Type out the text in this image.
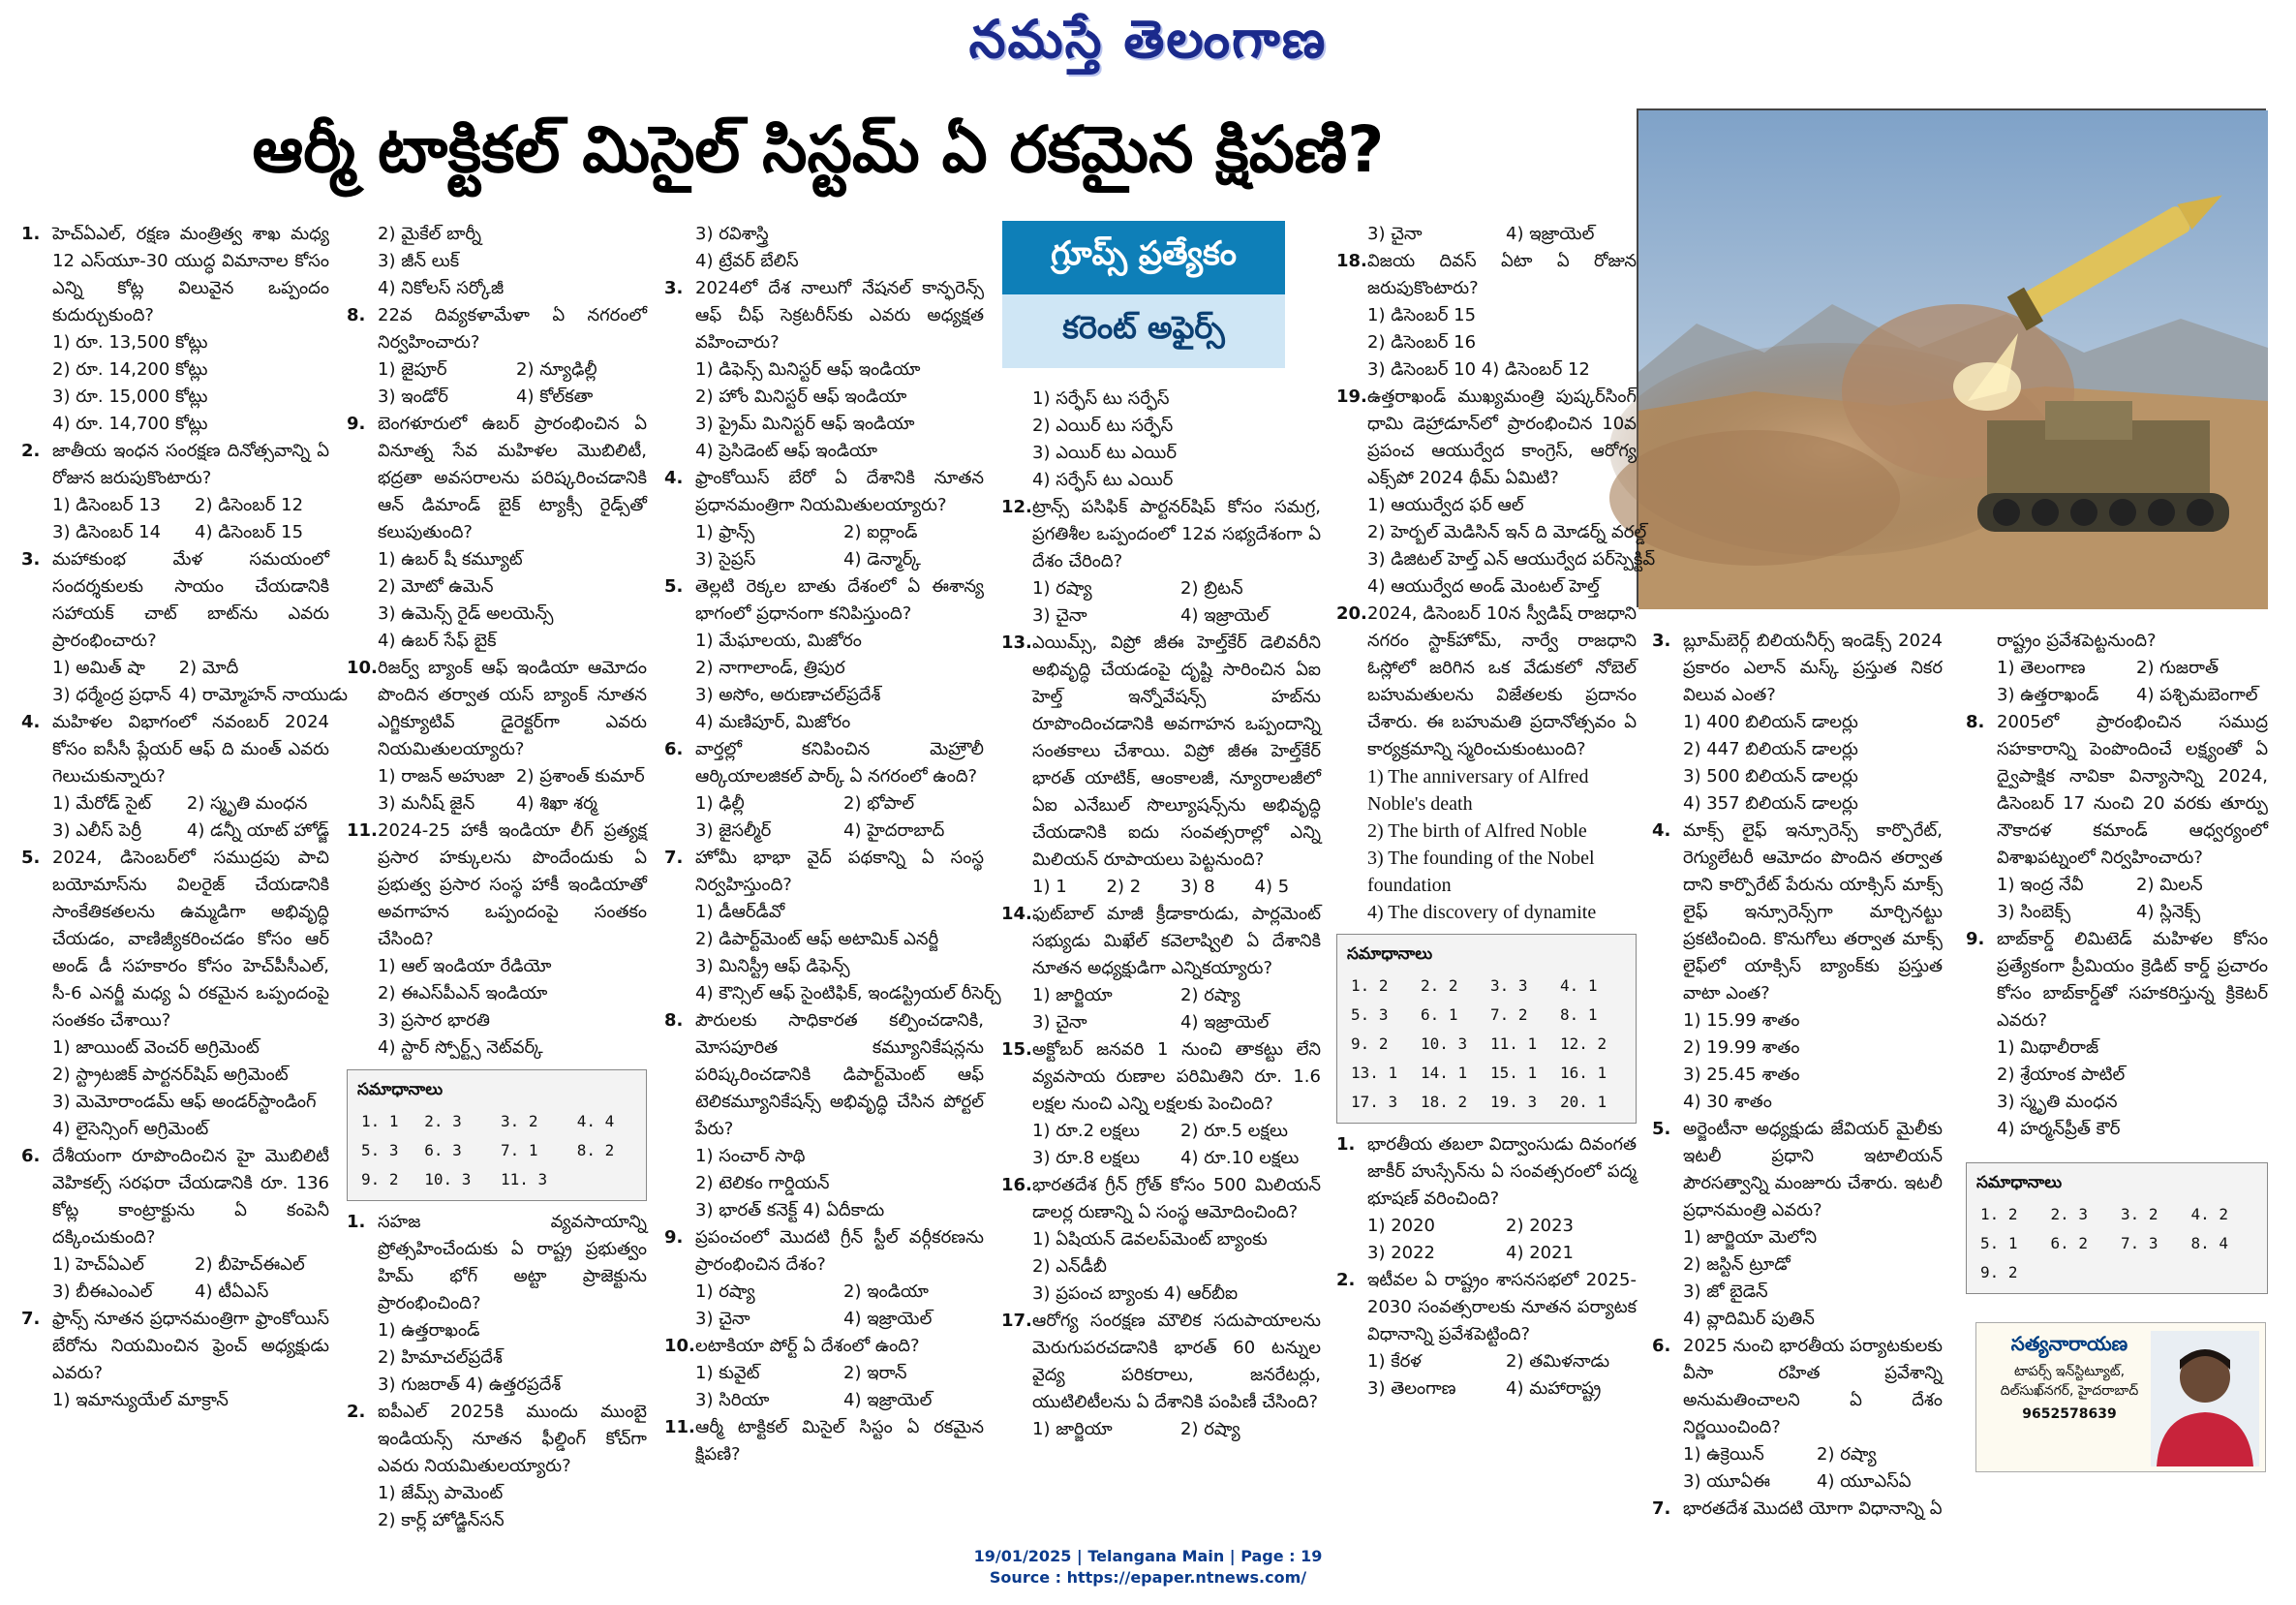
నమస్తే తెలంగాణ
ఆర్మీ టాక్టికల్ మిసైల్ సిస్టమ్ ఏ రకమైన క్షిపణి?
1. హెచ్‌ఏఎల్, రక్షణ మంత్రిత్వ శాఖ మధ్య 12 ఎస్‌యూ-30 యుద్ధ విమానాల కోసం ఎన్ని కోట్ల విలువైన ఒప్పందం కుదుర్చుకుంది?
1) రూ. 13,500 కోట్లు
2) రూ. 14,200 కోట్లు
3) రూ. 15,000 కోట్లు
4) రూ. 14,700 కోట్లు
2. జాతీయ ఇంధన సంరక్షణ దినోత్సవాన్ని ఏ రోజున జరుపుకొంటారు?
1) డిసెంబర్ 13	2) డిసెంబర్ 12
3) డిసెంబర్ 14	4) డిసెంబర్ 15
3. మహాకుంభ మేళ సమయంలో సందర్శకులకు సాయం చేయడానికి సహాయక్ చాట్ బాట్‌ను ఎవరు ప్రారంభించారు?
1) అమిత్ షా	2) మోదీ
3) ధర్మేంద్ర ప్రధాన్ 4) రామ్మోహన్ నాయుడు
4. మహిళల విభాగంలో నవంబర్ 2024 కోసం ఐసీసీ ప్లేయర్ ఆఫ్ ది మంత్ ఎవరు గెలుచుకున్నారు?
1) మేరోడ్ సైట్	2) స్మృతి మంధన
3) ఎలీస్ పెర్రీ	4) డన్నీ యాట్ హోడ్జ్
5. 2024, డిసెంబర్‌లో సముద్రపు పాచి బయోమాస్‌ను విలరైజ్ చేయడానికి సాంకేతికతలను ఉమ్మడిగా అభివృద్ధి చేయడం, వాణిజ్యీకరించడం కోసం ఆర్ అండ్ డీ సహకారం కోసం హెచ్‌పీసీఎల్, సీ-6 ఎనర్జీ మధ్య ఏ రకమైన ఒప్పందంపై సంతకం చేశాయి?
1) జాయింట్ వెంచర్ అగ్రిమెంట్
2) స్ట్రాటజిక్ పార్టనర్‌షిప్ అగ్రిమెంట్
3) మెమోరాండమ్ ఆఫ్ అండర్‌స్టాండింగ్
4) లైసెన్సింగ్ అగ్రిమెంట్
6. దేశీయంగా రూపొందించిన హై మొబిలిటీ వెహికల్స్ సరఫరా చేయడానికి రూ. 136 కోట్ల కాంట్రాక్టును ఏ కంపెనీ దక్కించుకుంది?
1) హెచ్‌ఏఎల్	2) బీహెచ్‌ఈఎల్
3) బీఈఎంఎల్	4) టీఏఎస్
7. ఫ్రాన్స్ నూతన ప్రధానమంత్రిగా ఫ్రాంకోయిస్ బేరోను నియమించిన ఫ్రెంచ్ అధ్యక్షుడు ఎవరు?
1) ఇమాన్యుయేల్ మాక్రాన్
2) మైకేల్ బార్నీ
3) జీన్ లుక్
4) నికోలస్ సర్కోజీ
8. 22వ దివ్యకళామేళా ఏ నగరంలో నిర్వహించారు?
1) జైపూర్	2) న్యూఢిల్లీ
3) ఇండోర్	4) కోల్‌కతా
9. బెంగళూరులో ఉబర్ ప్రారంభించిన ఏ వినూత్న సేవ మహిళల మొబిలిటీ, భద్రతా అవసరాలను పరిష్కరించడానికి ఆన్ డిమాండ్ బైక్ ట్యాక్సీ రైడ్స్‌తో కలుపుతుంది?
1) ఉబర్ షీ కమ్యూట్
2) మోటో ఉమెన్
3) ఉమెన్స్ రైడ్ అలయెన్స్
4) ఉబర్ సేఫ్ బైక్
10. రిజర్వ్ బ్యాంక్ ఆఫ్ ఇండియా ఆమోదం పొందిన తర్వాత యస్ బ్యాంక్ నూతన ఎగ్జిక్యూటివ్ డైరెక్టర్‌గా ఎవరు నియమితులయ్యారు?
1) రాజన్ అహుజా 2) ప్రశాంత్ కుమార్
3) మనీష్ జైన్	4) శిఖా శర్మ
11. 2024-25 హాకీ ఇండియా లీగ్ ప్రత్యక్ష ప్రసార హక్కులను పొందేందుకు ఏ ప్రభుత్వ ప్రసార సంస్థ హాకీ ఇండియాతో అవగాహన ఒప్పందంపై సంతకం చేసింది?
1) ఆల్ ఇండియా రేడియో
2) ఈఎస్‌పీఎన్ ఇండియా
3) ప్రసార భారతి
4) స్టార్ స్పోర్ట్స్ నెట్‌వర్క్
సమాధానాలు
1. 1	2. 3	3. 2	4. 4
5. 3	6. 3	7. 1	8. 2
9. 2	10. 3	11. 3	
1. సహజ వ్యవసాయాన్ని ప్రోత్సహించేందుకు ఏ రాష్ట్ర ప్రభుత్వం హిమ్ భోగ్ అట్టా ప్రాజెక్టును ప్రారంభించింది?
1) ఉత్తరాఖండ్
2) హిమాచల్‌ప్రదేశ్
3) గుజరాత్ 4) ఉత్తరప్రదేశ్
2. ఐపీఎల్ 2025కి ముందు ముంబై ఇండియన్స్ నూతన ఫీల్డింగ్ కోచ్‌గా ఎవరు నియమితులయ్యారు?
1) జేమ్స్ పామెంట్
2) కార్ల్ హోడ్జిన్‌సన్
3) రవిశాస్త్రి
4) ట్రేవర్ బేలిస్
3. 2024లో దేశ నాలుగో నేషనల్ కాన్ఫరెన్స్ ఆఫ్ చీఫ్ సెక్రటరీస్‌కు ఎవరు అధ్యక్షత వహించారు?
1) డిఫెన్స్ మినిస్టర్ ఆఫ్ ఇండియా
2) హోం మినిస్టర్ ఆఫ్ ఇండియా
3) ప్రైమ్ మినిస్టర్ ఆఫ్ ఇండియా
4) ప్రెసిడెంట్ ఆఫ్ ఇండియా
4. ఫ్రాంకోయిస్ బేరో ఏ దేశానికి నూతన ప్రధానమంత్రిగా నియమితులయ్యారు?
1) ఫ్రాన్స్	2) ఐర్లాండ్
3) సైప్రస్	4) డెన్మార్క్
5. తెల్లటి రెక్కల బాతు దేశంలో ఏ ఈశాన్య భాగంలో ప్రధానంగా కనిపిస్తుంది?
1) మేఘాలయ, మిజోరం
2) నాగాలాండ్, త్రిపుర
3) అసోం, అరుణాచల్‌ప్రదేశ్
4) మణిపూర్, మిజోరం
6. వార్తల్లో కనిపించిన మెహ్రౌలీ ఆర్కియాలజికల్ పార్క్ ఏ నగరంలో ఉంది?
1) ఢిల్లీ	2) భోపాల్
3) జైసల్మీర్	4) హైదరాబాద్
7. హోమీ భాభా వైద్ పథకాన్ని ఏ సంస్థ నిర్వహిస్తుంది?
1) డీఆర్‌డీవో
2) డిపార్ట్‌మెంట్ ఆఫ్ అటామిక్ ఎనర్జీ
3) మినిస్ట్రీ ఆఫ్ డిఫెన్స్
4) కౌన్సిల్ ఆఫ్ సైంటిఫిక్, ఇండస్ట్రియల్ రీసెర్చ్
8. పౌరులకు సాధికారత కల్పించడానికి, మోసపూరిత కమ్యూనికేషన్లను పరిష్కరించడానికి డిపార్ట్‌మెంట్ ఆఫ్ టెలికమ్యూనికేషన్స్ అభివృద్ధి చేసిన పోర్టల్ పేరు?
1) సంచార్ సాథి
2) టెలికం గార్డియన్
3) భారత్ కనెక్ట్ 4) ఏదీకాదు
9. ప్రపంచంలో మొదటి గ్రీన్ స్టీల్ వర్గీకరణను ప్రారంభించిన దేశం?
1) రష్యా	2) ఇండియా
3) చైనా	4) ఇజ్రాయెల్
10. లటాకియా పోర్ట్ ఏ దేశంలో ఉంది?
1) కువైట్	2) ఇరాన్
3) సిరియా	4) ఇజ్రాయెల్
11. ఆర్మీ టాక్టికల్ మిసైల్ సిస్టం ఏ రకమైన క్షిపణి?
గ్రూప్స్ ప్రత్యేకం
కరెంట్ అఫైర్స్
1) సర్ఫేస్ టు సర్ఫేస్
2) ఎయిర్ టు సర్ఫేస్
3) ఎయిర్ టు ఎయిర్
4) సర్ఫేస్ టు ఎయిర్
12. ట్రాన్స్ పసిఫిక్ పార్టనర్‌షిప్ కోసం సమగ్ర, ప్రగతిశీల ఒప్పందంలో 12వ సభ్యదేశంగా ఏ దేశం చేరింది?
1) రష్యా	2) బ్రిటన్
3) చైనా	4) ఇజ్రాయెల్
13. ఎయిమ్స్, విప్రో జీఈ హెల్త్‌కేర్ డెలివరీని అభివృద్ధి చేయడంపై దృష్టి సారించిన ఏఐ హెల్త్ ఇన్నోవేషన్స్ హబ్‌ను రూపొందించడానికి అవగాహన ఒప్పందాన్ని సంతకాలు చేశాయి. విప్రో జీఈ హెల్త్‌కేర్ భారత్ యాటిక్, ఆంకాలజీ, న్యూరాలజీలో ఏఐ ఎనేబుల్ సొల్యూషన్స్‌ను అభివృద్ధి చేయడానికి ఐదు సంవత్సరాల్లో ఎన్ని మిలియన్ రూపాయలు పెట్టనుంది?
1) 1	2) 2	3) 8	4) 5
14. ఫుట్‌బాల్ మాజీ క్రీడాకారుడు, పార్లమెంట్ సభ్యుడు మిఖేల్ కవెలాష్విలి ఏ దేశానికి నూతన అధ్యక్షుడిగా ఎన్నికయ్యారు?
1) జార్జియా	2) రష్యా
3) చైనా	4) ఇజ్రాయెల్
15. అక్టోబర్ జనవరి 1 నుంచి తాకట్టు లేని వ్యవసాయ రుణాల పరిమితిని రూ. 1.6 లక్షల నుంచి ఎన్ని లక్షలకు పెంచింది?
1) రూ.2 లక్షలు	2) రూ.5 లక్షలు
3) రూ.8 లక్షలు	4) రూ.10 లక్షలు
16. భారతదేశ గ్రీన్ గ్రోత్ కోసం 500 మిలియన్ డాలర్ల రుణాన్ని ఏ సంస్థ ఆమోదించింది?
1) ఏషియన్ డెవలప్‌మెంట్ బ్యాంకు
2) ఎన్‌డీబీ
3) ప్రపంచ బ్యాంకు 4) ఆర్‌బీఐ
17. ఆరోగ్య సంరక్షణ మౌలిక సదుపాయాలను మెరుగుపరచడానికి భారత్ 60 టన్నుల వైద్య పరికరాలు, జనరేటర్లు, యుటిలిటీలను ఏ దేశానికి పంపిణీ చేసింది?
1) జార్జియా	2) రష్యా
3) చైనా	4) ఇజ్రాయెల్
18. విజయ దివస్ ఏటా ఏ రోజున జరుపుకొంటారు?
1) డిసెంబర్ 15
2) డిసెంబర్ 16
3) డిసెంబర్ 10 4) డిసెంబర్ 12
19. ఉత్తరాఖండ్ ముఖ్యమంత్రి పుష్కర్‌సింగ్ ధామి డెహ్రాడూన్‌లో ప్రారంభించిన 10వ ప్రపంచ ఆయుర్వేద కాంగ్రెస్, ఆరోగ్య ఎక్స్‌పో 2024 థీమ్ ఏమిటి?
1) ఆయుర్వేద ఫర్ ఆల్
2) హెర్బల్ మెడిసిన్ ఇన్ ది మోడర్న్ వరల్డ్
3) డిజిటల్ హెల్త్ ఎన్ ఆయుర్వేద పర్‌స్పెక్టివ్
4) ఆయుర్వేద అండ్ మెంటల్ హెల్త్
20. 2024, డిసెంబర్ 10న స్వీడిష్ రాజధాని నగరం స్టాక్‌హోమ్, నార్వే రాజధాని ఓస్లోలో జరిగిన ఒక వేడుకలో నోబెల్ బహుమతులను విజేతలకు ప్రదానం చేశారు. ఈ బహుమతి ప్రదానోత్సవం ఏ కార్యక్రమాన్ని స్మరించుకుంటుంది?
1) The anniversary of Alfred Noble's death
2) The birth of Alfred Noble
3) The founding of the Nobel foundation
4) The discovery of dynamite
సమాధానాలు
1. 2	2. 2	3. 3	4. 1
5. 3	6. 1	7. 2	8. 1
9. 2	10. 3	11. 1	12. 2
13. 1	14. 1	15. 1	16. 1
17. 3	18. 2	19. 3	20. 1
1. భారతీయ తబలా విద్వాంసుడు దివంగత జాకీర్ హుస్సేన్‌ను ఏ సంవత్సరంలో పద్మ భూషణ్ వరించింది?
1) 2020	2) 2023
3) 2022	4) 2021
2. ఇటీవల ఏ రాష్ట్రం శాసనసభలో 2025-2030 సంవత్సరాలకు నూతన పర్యాటక విధానాన్ని ప్రవేశపెట్టింది?
1) కేరళ	2) తమిళనాడు
3) తెలంగాణ	4) మహారాష్ట్ర
3. బ్లూమ్‌బెర్గ్ బిలియనీర్స్ ఇండెక్స్ 2024 ప్రకారం ఎలాన్ మస్క్ ప్రస్తుత నికర విలువ ఎంత?
1) 400 బిలియన్ డాలర్లు
2) 447 బిలియన్ డాలర్లు
3) 500 బిలియన్ డాలర్లు
4) 357 బిలియన్ డాలర్లు
4. మాక్స్ లైఫ్ ఇన్సూరెన్స్ కార్పొరేట్, రెగ్యులేటరీ ఆమోదం పొందిన తర్వాత దాని కార్పొరేట్ పేరును యాక్సిస్ మాక్స్ లైఫ్ ఇన్సూరెన్స్‌గా మార్చినట్టు ప్రకటించింది. కొనుగోలు తర్వాత మాక్స్ లైఫ్‌లో యాక్సిస్ బ్యాంక్‌కు ప్రస్తుత వాటా ఎంత?
1) 15.99 శాతం
2) 19.99 శాతం
3) 25.45 శాతం
4) 30 శాతం
5. అర్జెంటీనా అధ్యక్షుడు జేవియర్ మైలీకు ఇటలీ ప్రధాని ఇటాలియన్ పౌరసత్వాన్ని మంజూరు చేశారు. ఇటలీ ప్రధానమంత్రి ఎవరు?
1) జార్జియా మెలోని
2) జస్టిన్ ట్రూడో
3) జో బైడెన్
4) వ్లాదిమిర్ పుతిన్
6. 2025 నుంచి భారతీయ పర్యాటకులకు వీసా రహిత ప్రవేశాన్ని అనుమతించాలని ఏ దేశం నిర్ణయించింది?
1) ఉక్రెయిన్	2) రష్యా
3) యూఏఈ	4) యూఎస్‌ఏ
7. భారతదేశ మొదటి యోగా విధానాన్ని ఏ
రాష్ట్రం ప్రవేశపెట్టనుంది?
1) తెలంగాణ	2) గుజరాత్
3) ఉత్తరాఖండ్	4) పశ్చిమబెంగాల్
8. 2005లో ప్రారంభించిన సముద్ర సహకారాన్ని పెంపొందించే లక్ష్యంతో ఏ ద్వైపాక్షిక నావికా విన్యాసాన్ని 2024, డిసెంబర్ 17 నుంచి 20 వరకు తూర్పు నౌకాదళ కమాండ్ ఆధ్వర్యంలో విశాఖపట్నంలో నిర్వహించారు?
1) ఇంద్ర నేవీ	2) మిలన్
3) సింబెక్స్	4) స్లినెక్స్
9. బాబ్‌కార్డ్ లిమిటెడ్ మహిళల కోసం ప్రత్యేకంగా ప్రీమియం క్రెడిట్ కార్డ్ ప్రచారం కోసం బాబ్‌కార్డ్‌తో సహకరిస్తున్న క్రికెటర్ ఎవరు?
1) మిథాలీరాజ్
2) శ్రేయాంక పాటిల్
3) స్మృతి మంధన
4) హర్మన్‌ప్రీత్ కౌర్
సమాధానాలు
1. 2	2. 3	3. 2	4. 2
5. 1	6. 2	7. 3	8. 4
9. 2			
సత్యనారాయణ
టాపర్స్ ఇన్‌స్టిట్యూట్, దిల్‌సుఖ్‌నగర్, హైదరాబాద్
9652578639
19/01/2025 | Telangana Main | Page : 19
Source : https://epaper.ntnews.com/
